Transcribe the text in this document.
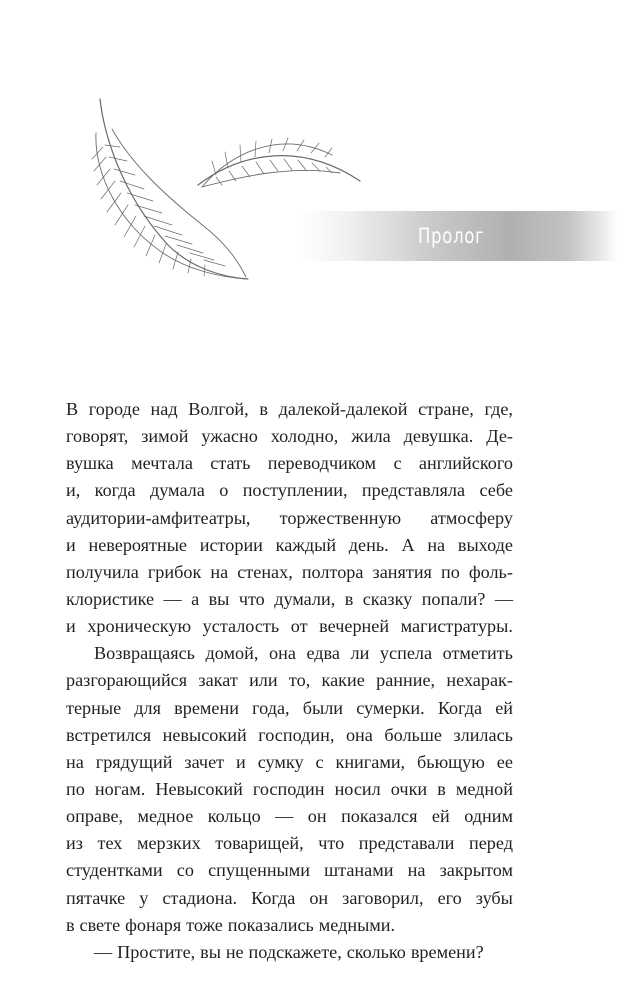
Пролог
В городе над Волгой, в далекой-далекой стране, где,
говорят, зимой ужасно холодно, жила девушка. Де-
вушка мечтала стать переводчиком с английского
и, когда думала о поступлении, представляла себе
аудитории-амфитеатры, торжественную атмосферу
и невероятные истории каждый день. А на выходе
получила грибок на стенах, полтора занятия по фоль-
клористике — а вы что думали, в сказку попали? —
и хроническую усталость от вечерней магистратуры.
Возвращаясь домой, она едва ли успела отметить
разгорающийся закат или то, какие ранние, нехарак-
терные для времени года, были сумерки. Когда ей
встретился невысокий господин, она больше злилась
на грядущий зачет и сумку с книгами, бьющую ее
по ногам. Невысокий господин носил очки в медной
оправе, медное кольцо — он показался ей одним
из тех мерзких товарищей, что представали перед
студентками со спущенными штанами на закрытом
пятачке у стадиона. Когда он заговорил, его зубы
в свете фонаря тоже показались медными.
— Простите, вы не подскажете, сколько времени?
